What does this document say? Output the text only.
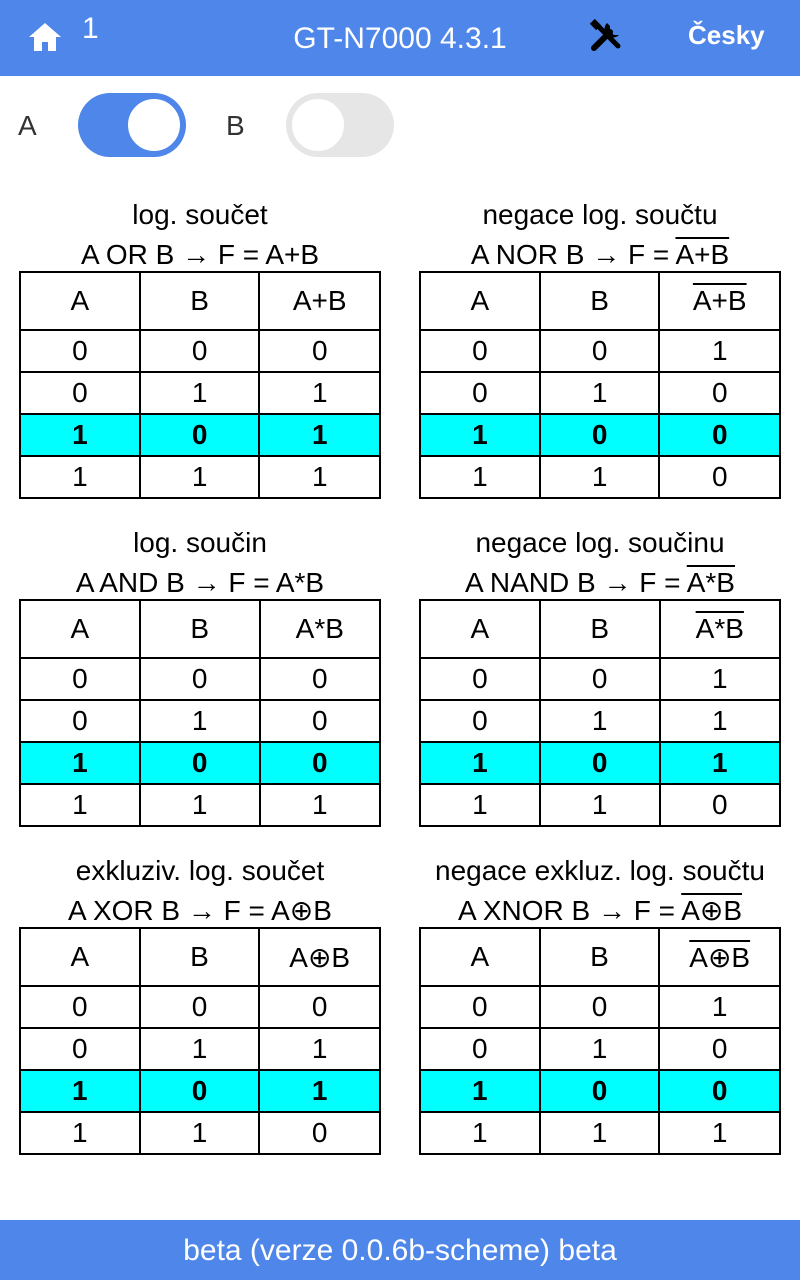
1	GT-N7000 4.3.1	Česky
A	B
log. součet
A OR B → F = A+B
A	B	A+B
0	0	0
0	1	1
1	0	1
1	1	1
negace log. součtu
A NOR B → F = A+B
A	B	A+B
0	0	1
0	1	0
1	0	0
1	1	0
log. součin
A AND B → F = A*B
A	B	A*B
0	0	0
0	1	0
1	0	0
1	1	1
negace log. součinu
A NAND B → F = A*B
A	B	A*B
0	0	1
0	1	1
1	0	1
1	1	0
exkluziv. log. součet
A XOR B → F = A⊕B
A	B	A⊕B
0	0	0
0	1	1
1	0	1
1	1	0
negace exkluz. log. součtu
A XNOR B → F = A⊕B
A	B	A⊕B
0	0	1
0	1	0
1	0	0
1	1	1
beta (verze 0.0.6b-scheme) beta
